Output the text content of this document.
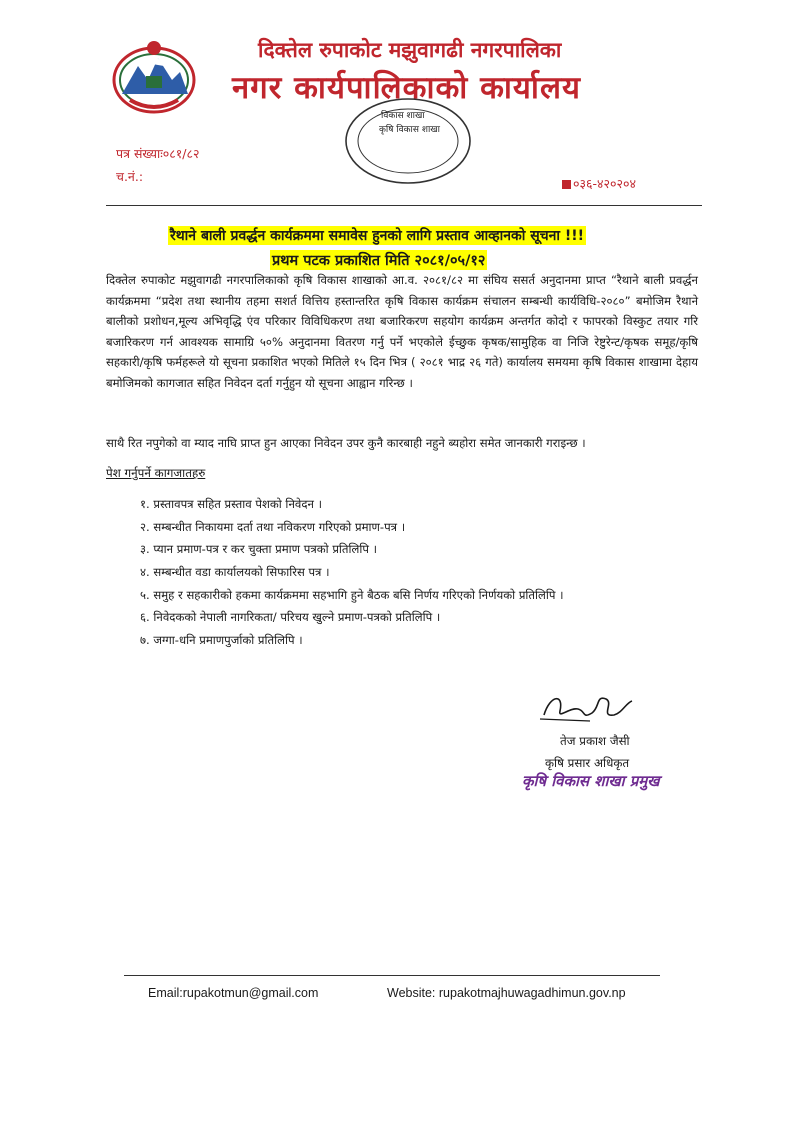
दिक्तेल रुपाकोट मझुवागढी नगरपालिका
नगर कार्यपालिकाको कार्यालय
विकास शाखा
कृषि विकास शाखा
पत्र संख्याः०८१/८२
च.नं.:	०३६-४२०२०४
रैथाने बाली प्रवर्द्धन कार्यक्रममा समावेस हुनको लागि प्रस्ताव आव्हानको सूचना !!!
प्रथम पटक प्रकाशित मिति २०८१/०५/१२
दिक्तेल रुपाकोट मझुवागढी नगरपालिकाको कृषि विकास शाखाको आ.व. २०८१/८२ मा संघिय ससर्त अनुदानमा प्राप्त “रैथाने बाली प्रवर्द्धन कार्यक्रममा “प्रदेश तथा स्थानीय तहमा सशर्त वित्तिय हस्तान्तरित कृषि विकास कार्यक्रम संचालन सम्बन्धी कार्यविधि-२०८०” बमोजिम रैथाने बालीको प्रशोधन,मूल्य अभिवृद्धि एंव परिकार विविधिकरण तथा बजारिकरण सहयोग कार्यक्रम अन्तर्गत कोदो र फापरको विस्कुट तयार गरि बजारिकरण गर्न आवश्यक सामाग्रि ५०% अनुदानमा वितरण गर्नु पर्ने भएकोले ईच्छुक कृषक/सामुहिक वा निजि रेष्टुरेन्ट/कृषक समूह/कृषि सहकारी/कृषि फर्महरूले यो सूचना प्रकाशित भएको मितिले १५ दिन भित्र ( २०८१ भाद्र २६ गते) कार्यालय समयमा कृषि विकास शाखामा देहाय बमोजिमको कागजात सहित निवेदन दर्ता गर्नुहुन यो सूचना आह्वान गरिन्छ ।
साथै रित नपुगेको वा म्याद नाघि प्राप्त हुन आएका निवेदन उपर कुनै कारबाही नहुने ब्यहोरा समेत जानकारी गराइन्छ ।
पेश गर्नुपर्ने कागजातहरु
१. प्रस्तावपत्र सहित प्रस्ताव पेशको निवेदन ।
२. सम्बन्धीत निकायमा दर्ता तथा नविकरण गरिएको प्रमाण-पत्र ।
३. प्यान प्रमाण-पत्र र कर चुक्ता प्रमाण पत्रको प्रतिलिपि ।
४. सम्बन्धीत वडा कार्यालयको सिफारिस पत्र ।
५. समुह र सहकारीको हकमा कार्यक्रममा सहभागि हुने बैठक बसि निर्णय गरिएको निर्णयको प्रतिलिपि ।
६. निवेदकको नेपाली नागरिकता/ परिचय खुल्ने प्रमाण-पत्रको प्रतिलिपि ।
७. जग्गा-धनि प्रमाणपुर्जाको प्रतिलिपि ।
तेज प्रकाश जैसी
कृषि प्रसार अधिकृत
कृषि विकास शाखा प्रमुख
Email:rupakotmun@gmail.com	Website: rupakotmajhuwagadhimun.gov.np
